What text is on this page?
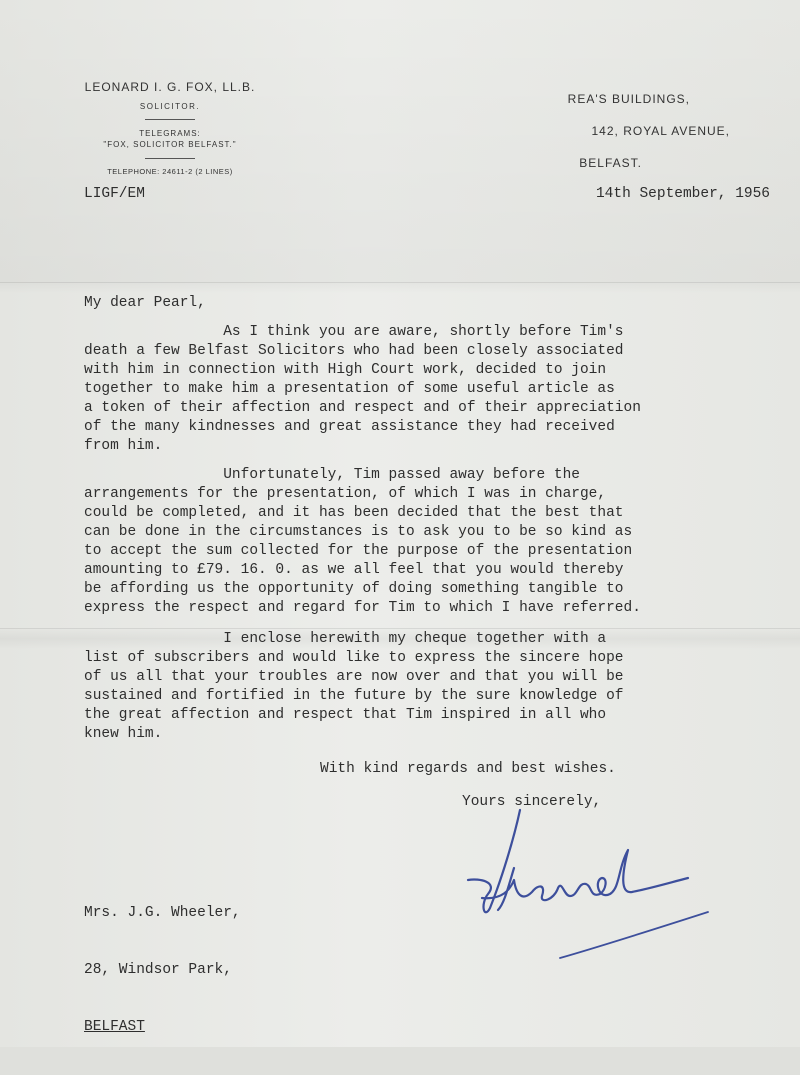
LEONARD I. G. FOX, LL.B.
SOLICITOR.
TELEGRAMS:
"FOX, SOLICITOR BELFAST."
TELEPHONE: 24611-2 (2 LINES)
REA'S BUILDINGS,
142, ROYAL AVENUE,
BELFAST.
LIGF/EM	14th September, 1956
My dear Pearl,

As I think you are aware, shortly before Tim's

death a few Belfast Solicitors who had been closely associated

with him in connection with High Court work, decided to join

together to make him a presentation of some useful article as

a token of their affection and respect and of their appreciation

of the many kindnesses and great assistance they had received

from him.

Unfortunately, Tim passed away before the

arrangements for the presentation, of which I was in charge,

could be completed, and it has been decided that the best that

can be done in the circumstances is to ask you to be so kind as

to accept the sum collected for the purpose of the presentation

amounting to £79. 16. 0. as we all feel that you would thereby

be affording us the opportunity of doing something tangible to

express the respect and regard for Tim to which I have referred.

I enclose herewith my cheque together with a

list of subscribers and would like to express the sincere hope

of us all that your troubles are now over and that you will be

sustained and fortified in the future by the sure knowledge of

the great affection and respect that Tim inspired in all who

knew him.

With kind regards and best wishes.
Yours sincerely,

Mrs. J.G. Wheeler,

28, Windsor Park,

BELFAST
